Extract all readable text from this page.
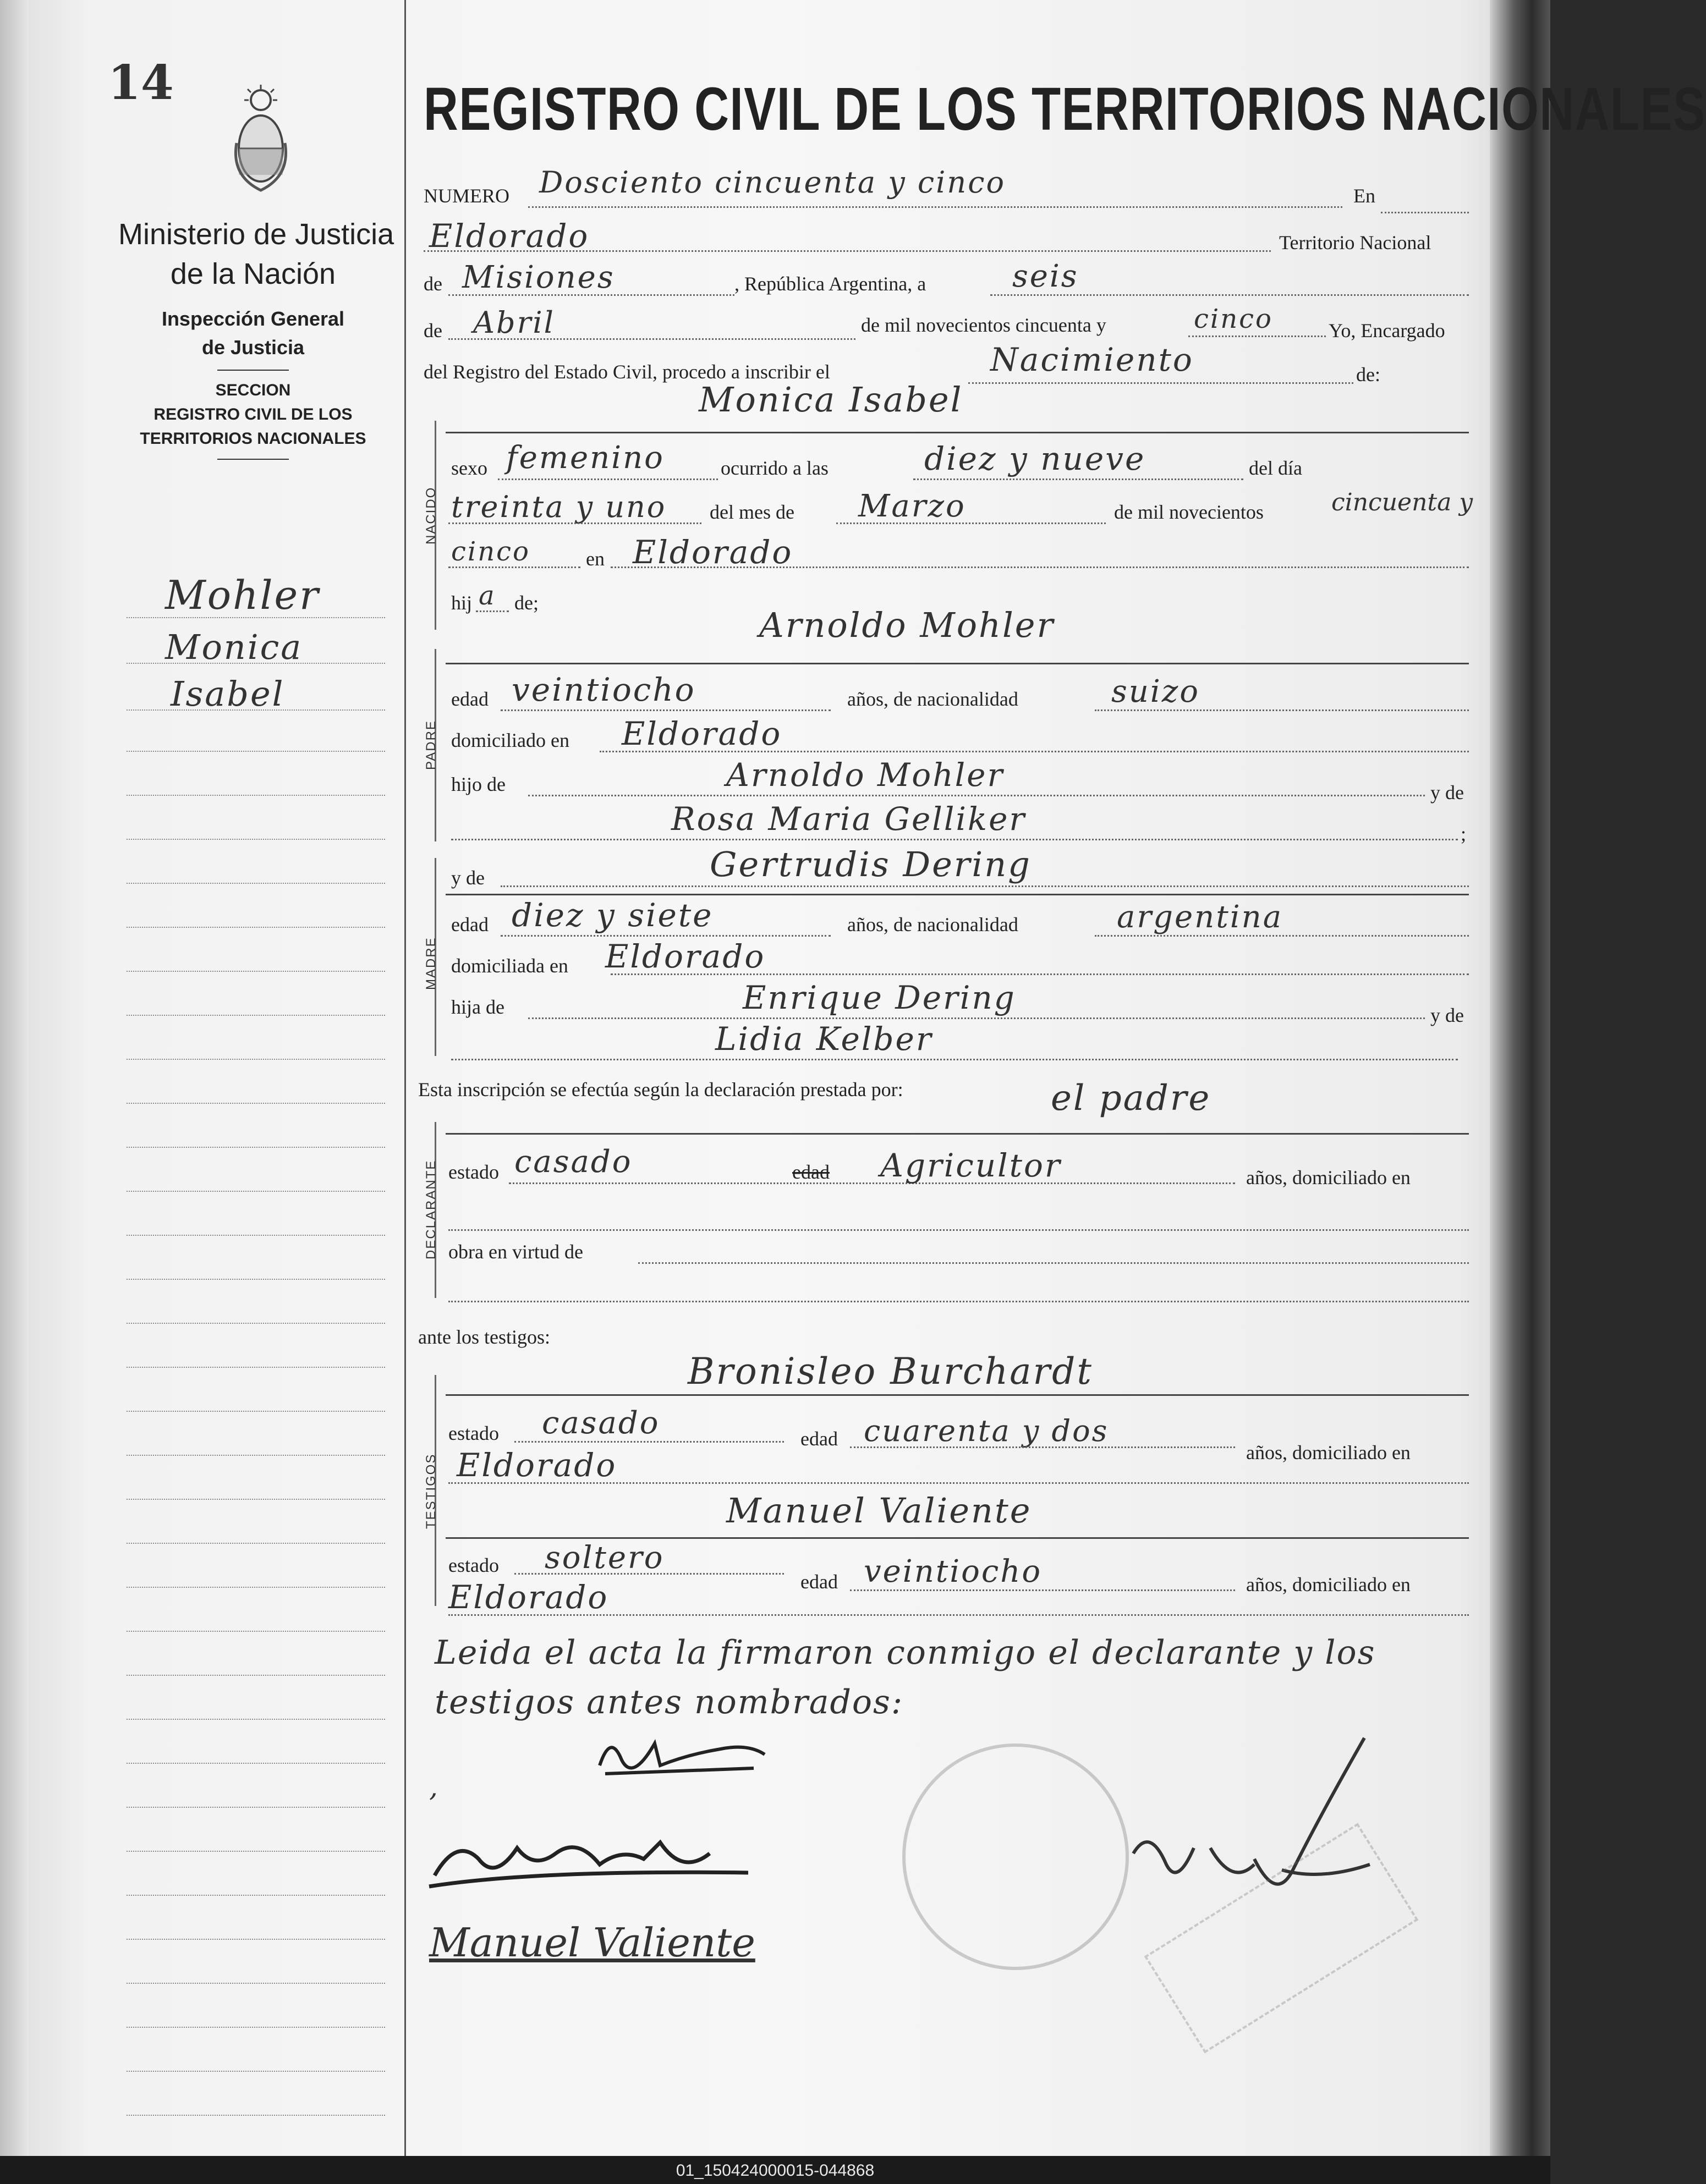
14
Ministerio de Justicia
de la Nación
Inspección General
de Justicia
SECCION
REGISTRO CIVIL DE LOS
TERRITORIOS NACIONALES
REGISTRO CIVIL DE LOS TERRITORIOS NACIONALES
Mohler
Monica
Isabel
NUMERO Dosciento cincuenta y cinco	En
Eldorado	Territorio Nacional
de Misiones	, República Argentina, a	seis
de Abril	de mil novecientos cincuenta y	cinco	Yo, Encargado
del Registro del Estado Civil, procedo a inscribir el	Nacimiento	de:
Monica Isabel
NACIDO
sexo femenino	ocurrido a las	diez y nueve	del día
treinta y uno del mes de Marzo	de mil novecientos	cincuenta y
cinco	en Eldorado
hij a de;
Arnoldo Mohler
PADRE
edad veintiocho	años, de nacionalidad	suizo
domiciliado en Eldorado
hijo de	Arnoldo Mohler	y de
Rosa Maria Gelliker	;
y de	Gertrudis Dering
MADRE
edad diez y siete	años, de nacionalidad	argentina
domiciliada en Eldorado
hija de	Enrique Dering	y de
Lidia Kelber
Esta inscripción se efectúa según la declaración prestada por:	el padre
DECLARANTE estado casado	edad Agricultor	años, domiciliado en
obra en virtud de
ante los testigos:
Bronisleo Burchardt
TESTIGOS
estado casado	edad cuarenta y dos
años, domiciliado en
Eldorado
Manuel Valiente
estado soltero
edad veintiocho	años, domiciliado en
Eldorado
Leida el acta la firmaron conmigo el declarante y los
testigos antes nombrados:
,
Manuel Valiente
01_150424000015-044868
